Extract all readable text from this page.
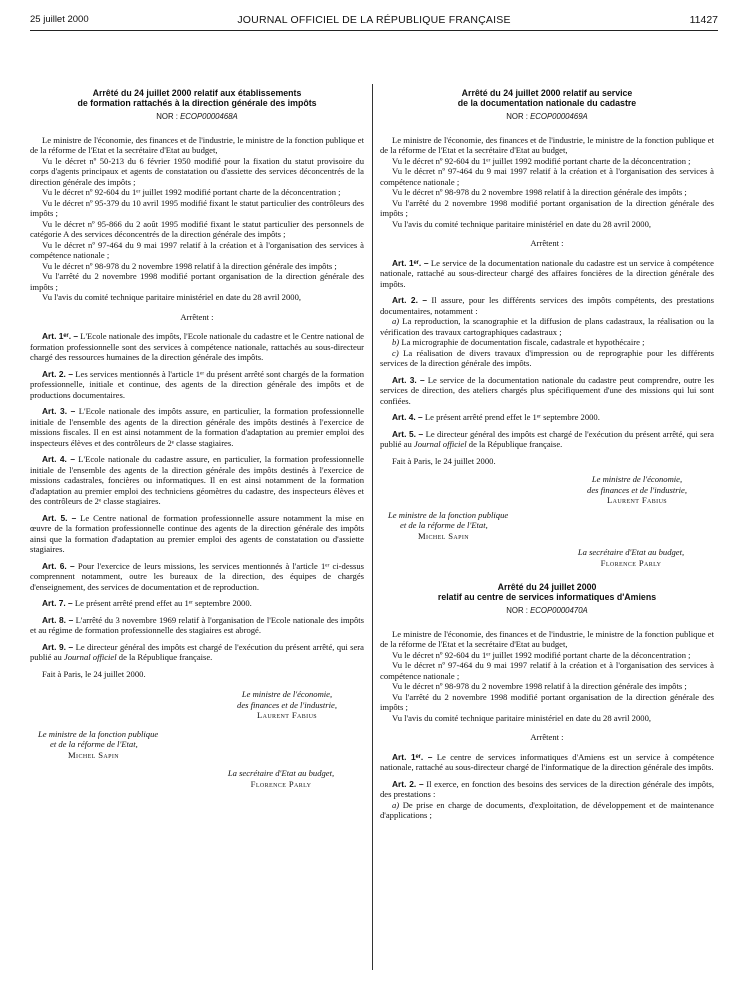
25 juillet 2000	JOURNAL OFFICIEL DE LA RÉPUBLIQUE FRANÇAISE	11427
Arrêté du 24 juillet 2000 relatif aux établissements
de formation rattachés à la direction générale des impôts
NOR : ECOP0000468A

Le ministre de l'économie, des finances et de l'industrie, le ministre de la fonction publique et de la réforme de l'Etat et la secrétaire d'Etat au budget,

Vu le décret nº 50-213 du 6 février 1950 modifié pour la fixation du statut provisoire du corps d'agents principaux et agents de constatation ou d'assiette des services déconcentrés de la direction générale des impôts ;

Vu le décret nº 92-604 du 1ᵉʳ juillet 1992 modifié portant charte de la déconcentration ;

Vu le décret nº 95-379 du 10 avril 1995 modifié fixant le statut particulier des contrôleurs des impôts ;

Vu le décret nº 95-866 du 2 août 1995 modifié fixant le statut particulier des personnels de catégorie A des services déconcentrés de la direction générale des impôts ;

Vu le décret nº 97-464 du 9 mai 1997 relatif à la création et à l'organisation des services à compétence nationale ;

Vu le décret nº 98-978 du 2 novembre 1998 relatif à la direction générale des impôts ;

Vu l'arrêté du 2 novembre 1998 modifié portant organisation de la direction générale des impôts ;

Vu l'avis du comité technique paritaire ministériel en date du 28 avril 2000,

Arrêtent :

Art. 1ᵉʳ. – L'Ecole nationale des impôts, l'Ecole nationale du cadastre et le Centre national de formation professionnelle sont des services à compétence nationale, rattachés au sous-directeur chargé des ressources humaines de la direction générale des impôts.

Art. 2. – Les services mentionnés à l'article 1ᵉʳ du présent arrêté sont chargés de la formation professionnelle, initiale et continue, des agents de la direction générale des impôts et de productions documentaires.

Art. 3. – L'Ecole nationale des impôts assure, en particulier, la formation professionnelle initiale de l'ensemble des agents de la direction générale des impôts destinés à l'exercice de missions fiscales. Il en est ainsi notamment de la formation d'adaptation au premier emploi des inspecteurs élèves et des contrôleurs de 2ᵉ classe stagiaires.

Art. 4. – L'Ecole nationale du cadastre assure, en particulier, la formation professionnelle initiale de l'ensemble des agents de la direction générale des impôts destinés à l'exercice de missions cadastrales, foncières ou informatiques. Il en est ainsi notamment de la formation d'adaptation au premier emploi des techniciens géomètres du cadastre, des inspecteurs élèves et des contrôleurs de 2ᵉ classe stagiaires.

Art. 5. – Le Centre national de formation professionnelle assure notamment la mise en œuvre de la formation professionnelle continue des agents de la direction générale des impôts ainsi que la formation d'adaptation au premier emploi des agents de constatation ou d'assiette stagiaires.

Art. 6. – Pour l'exercice de leurs missions, les services mentionnés à l'article 1ᵉʳ ci-dessus comprennent notamment, outre les bureaux de la direction, des équipes de chargés d'enseignement, des services de documentation et de reproduction.

Art. 7. – Le présent arrêté prend effet au 1ᵉʳ septembre 2000.

Art. 8. – L'arrêté du 3 novembre 1969 relatif à l'organisation de l'Ecole nationale des impôts et au régime de formation professionnelle des stagiaires est abrogé.

Art. 9. – Le directeur général des impôts est chargé de l'exécution du présent arrêté, qui sera publié au Journal officiel de la République française.

Fait à Paris, le 24 juillet 2000.

Le ministre de l'économie,
des finances et de l'industrie,
Laurent Fabius
Le ministre de la fonction publique
et de la réforme de l'Etat,
Michel Sapin
La secrétaire d'Etat au budget,
Florence Parly
Arrêté du 24 juillet 2000 relatif au service
de la documentation nationale du cadastre
NOR : ECOP0000469A

Le ministre de l'économie, des finances et de l'industrie, le ministre de la fonction publique et de la réforme de l'Etat et la secrétaire d'Etat au budget,

Vu le décret nº 92-604 du 1ᵉʳ juillet 1992 modifié portant charte de la déconcentration ;

Vu le décret nº 97-464 du 9 mai 1997 relatif à la création et à l'organisation des services à compétence nationale ;

Vu le décret nº 98-978 du 2 novembre 1998 relatif à la direction générale des impôts ;

Vu l'arrêté du 2 novembre 1998 modifié portant organisation de la direction générale des impôts ;

Vu l'avis du comité technique paritaire ministériel en date du 28 avril 2000,

Arrêtent :

Art. 1ᵉʳ. – Le service de la documentation nationale du cadastre est un service à compétence nationale, rattaché au sous-directeur chargé des affaires foncières de la direction générale des impôts.

Art. 2. – Il assure, pour les différents services des impôts compétents, des prestations documentaires, notamment :

a) La reproduction, la scanographie et la diffusion de plans cadastraux, la réalisation ou la vérification des travaux cartographiques cadastraux ;

b) La micrographie de documentation fiscale, cadastrale et hypothécaire ;

c) La réalisation de divers travaux d'impression ou de reprographie pour les différents services de la direction générale des impôts.

Art. 3. – Le service de la documentation nationale du cadastre peut comprendre, outre les services de direction, des ateliers chargés plus spécifiquement d'une des missions qui lui sont confiées.

Art. 4. – Le présent arrêté prend effet le 1ᵉʳ septembre 2000.

Art. 5. – Le directeur général des impôts est chargé de l'exécution du présent arrêté, qui sera publié au Journal officiel de la République française.

Fait à Paris, le 24 juillet 2000.

Le ministre de l'économie,
des finances et de l'industrie,
Laurent Fabius
Le ministre de la fonction publique
et de la réforme de l'Etat,
Michel Sapin
La secrétaire d'Etat au budget,
Florence Parly
Arrêté du 24 juillet 2000
relatif au centre de services informatiques d'Amiens
NOR : ECOP0000470A

Le ministre de l'économie, des finances et de l'industrie, le ministre de la fonction publique et de la réforme de l'Etat et la secrétaire d'Etat au budget,

Vu le décret nº 92-604 du 1ᵉʳ juillet 1992 modifié portant charte de la déconcentration ;

Vu le décret nº 97-464 du 9 mai 1997 relatif à la création et à l'organisation des services à compétence nationale ;

Vu le décret nº 98-978 du 2 novembre 1998 relatif à la direction générale des impôts ;

Vu l'arrêté du 2 novembre 1998 modifié portant organisation de la direction générale des impôts ;

Vu l'avis du comité technique paritaire ministériel en date du 28 avril 2000,

Arrêtent :

Art. 1ᵉʳ. – Le centre de services informatiques d'Amiens est un service à compétence nationale, rattaché au sous-directeur chargé de l'informatique de la direction générale des impôts.

Art. 2. – Il exerce, en fonction des besoins des services de la direction générale des impôts, des prestations :

a) De prise en charge de documents, d'exploitation, de développement et de maintenance d'applications ;
